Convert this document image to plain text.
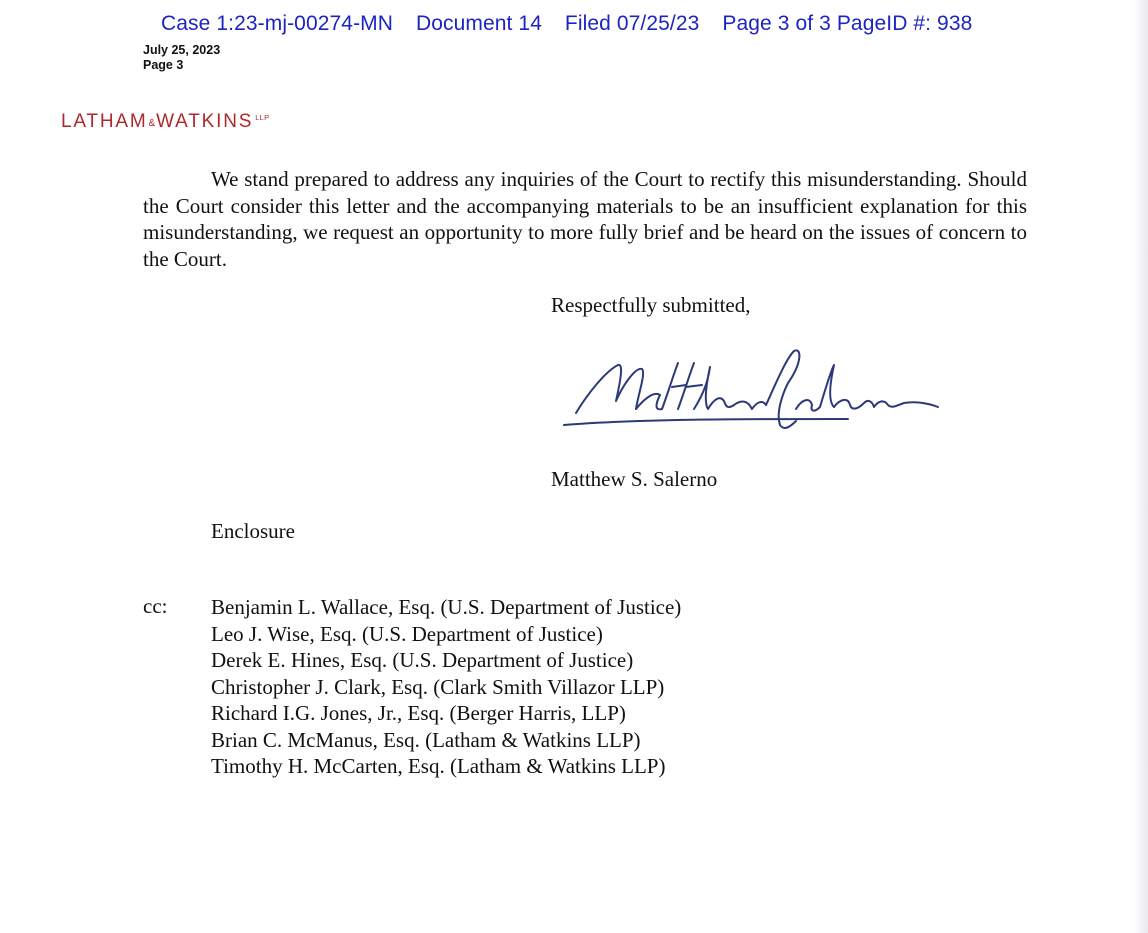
Case 1:23-mj-00274-MN Document 14 Filed 07/25/23 Page 3 of 3 PageID #: 938
July 25, 2023
Page 3
LATHAM&WATKINS $^{LLP}$

We stand prepared to address any inquiries of the Court to rectify this misunderstanding. Should the Court consider this letter and the accompanying materials to be an insufficient explanation for this misunderstanding, we request an opportunity to more fully brief and be heard on the issues of concern to the Court.

Respectfully submitted,
Matthew S. Salerno
Enclosure
cc: Benjamin L. Wallace, Esq. (U.S. Department of Justice)
Leo J. Wise, Esq. (U.S. Department of Justice)
Derek E. Hines, Esq. (U.S. Department of Justice)
Christopher J. Clark, Esq. (Clark Smith Villazor LLP)
Richard I.G. Jones, Jr., Esq. (Berger Harris, LLP)
Brian C. McManus, Esq. (Latham & Watkins LLP)
Timothy H. McCarten, Esq. (Latham & Watkins LLP)
